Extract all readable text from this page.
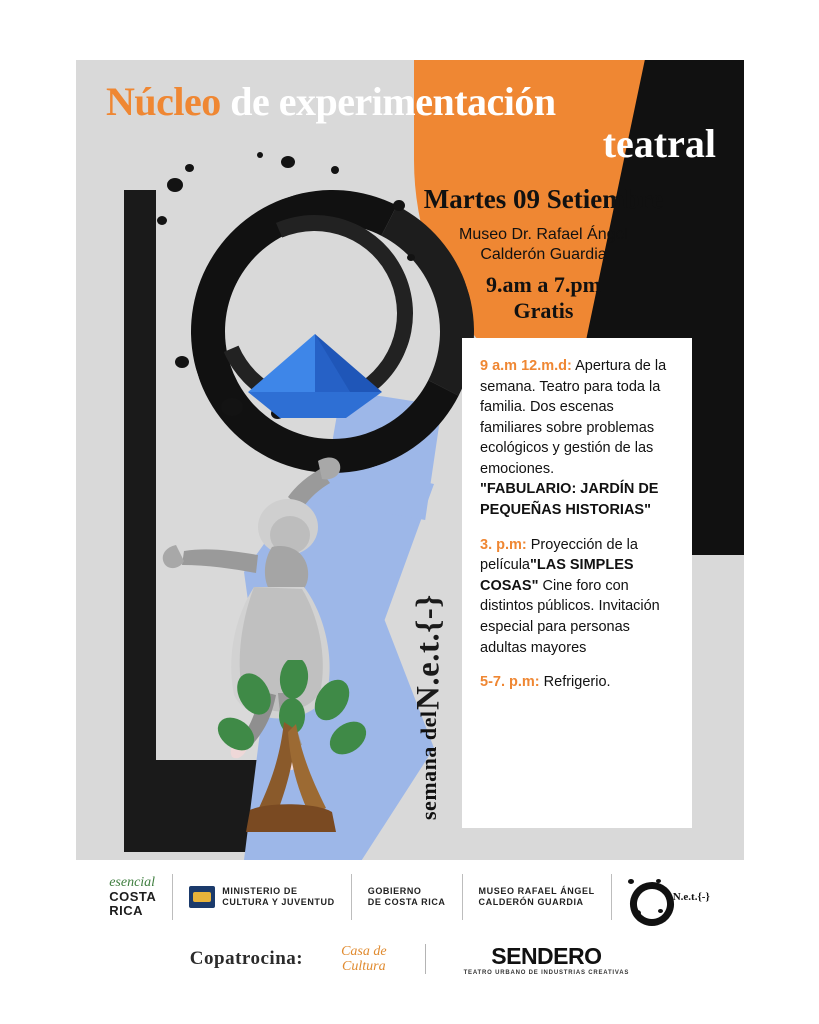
Núcleo de experimentación
teatral
Martes 09 Setiembre
Museo Dr. Rafael Ángel
Calderón Guardia
9.am a 7.pm
Gratis
semana del
N.e.t.{-}
9 a.m 12.m.d: Apertura de la semana. Teatro para toda la familia. Dos escenas familiares sobre problemas ecológicos y gestión de las emociones.
"FABULARIO: JARDÍN DE PEQUEÑAS HISTORIAS"
3. p.m: Proyección de la película"LAS SIMPLES COSAS" Cine foro con distintos públicos. Invitación especial para personas adultas mayores
5-7. p.m: Refrigerio.
esencial
COSTA
RICA
MINISTERIO DE
CULTURA Y JUVENTUD
GOBIERNO
DE COSTA RICA
MUSEO RAFAEL ÁNGEL
CALDERÓN GUARDIA	N.e.t.{-}
Copatrocina:	Casa de
Cultura	SENDERO
TEATRO URBANO DE INDUSTRIAS CREATIVAS
